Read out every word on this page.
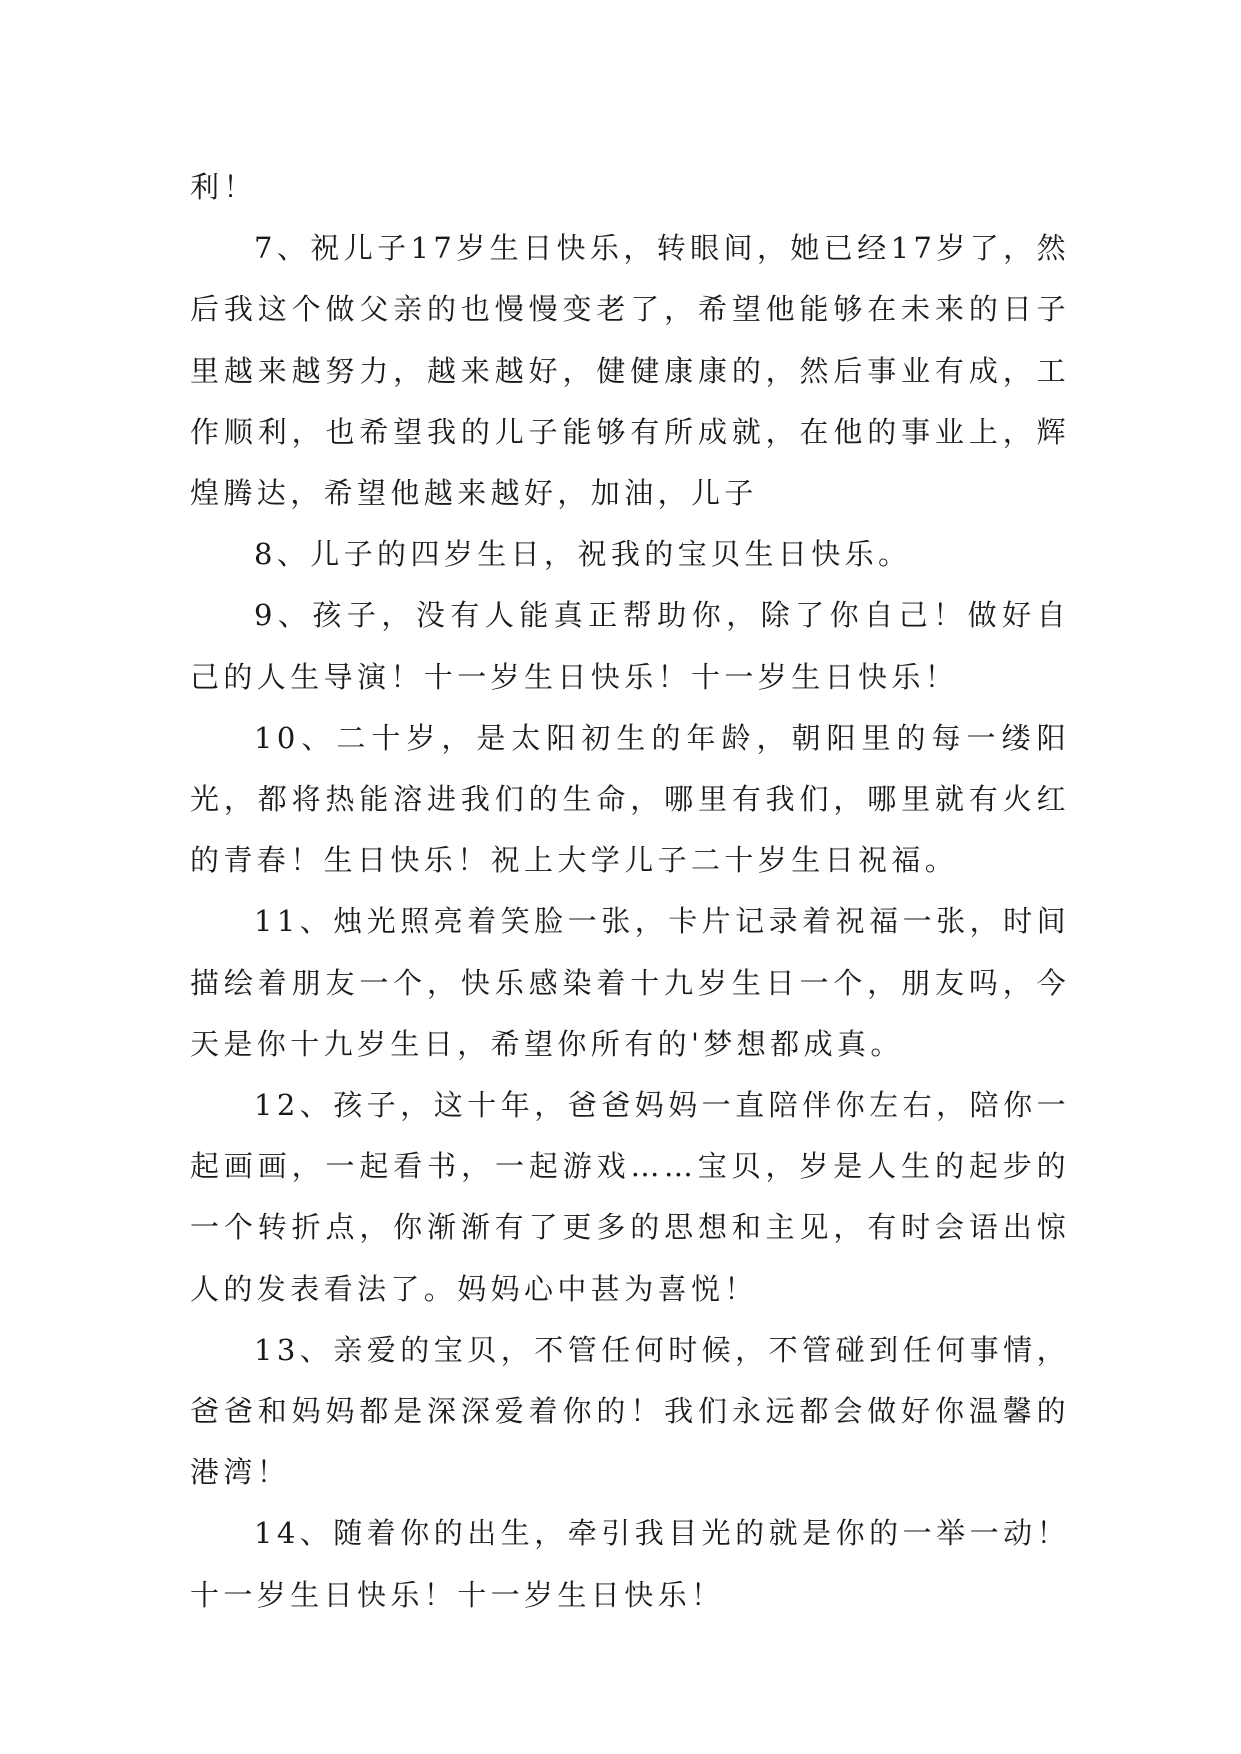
利！

7、祝儿子17岁生日快乐，转眼间，她已经17岁了，然后我这个做父亲的也慢慢变老了，希望他能够在未来的日子里越来越努力，越来越好，健健康康的，然后事业有成，工作顺利，也希望我的儿子能够有所成就，在他的事业上，辉煌腾达，希望他越来越好，加油，儿子

8、儿子的四岁生日，祝我的宝贝生日快乐。

9、孩子，没有人能真正帮助你，除了你自己！做好自己的人生导演！十一岁生日快乐！十一岁生日快乐！

10、二十岁，是太阳初生的年龄，朝阳里的每一缕阳光，都将热能溶进我们的生命，哪里有我们，哪里就有火红的青春！生日快乐！祝上大学儿子二十岁生日祝福。

11、烛光照亮着笑脸一张，卡片记录着祝福一张，时间描绘着朋友一个，快乐感染着十九岁生日一个，朋友吗，今天是你十九岁生日，希望你所有的'梦想都成真。

12、孩子，这十年，爸爸妈妈一直陪伴你左右，陪你一起画画，一起看书，一起游戏……宝贝，岁是人生的起步的一个转折点，你渐渐有了更多的思想和主见，有时会语出惊人的发表看法了。妈妈心中甚为喜悦！

13、亲爱的宝贝，不管任何时候，不管碰到任何事情，爸爸和妈妈都是深深爱着你的！我们永远都会做好你温馨的港湾！

14、随着你的出生，牵引我目光的就是你的一举一动！十一岁生日快乐！十一岁生日快乐！
